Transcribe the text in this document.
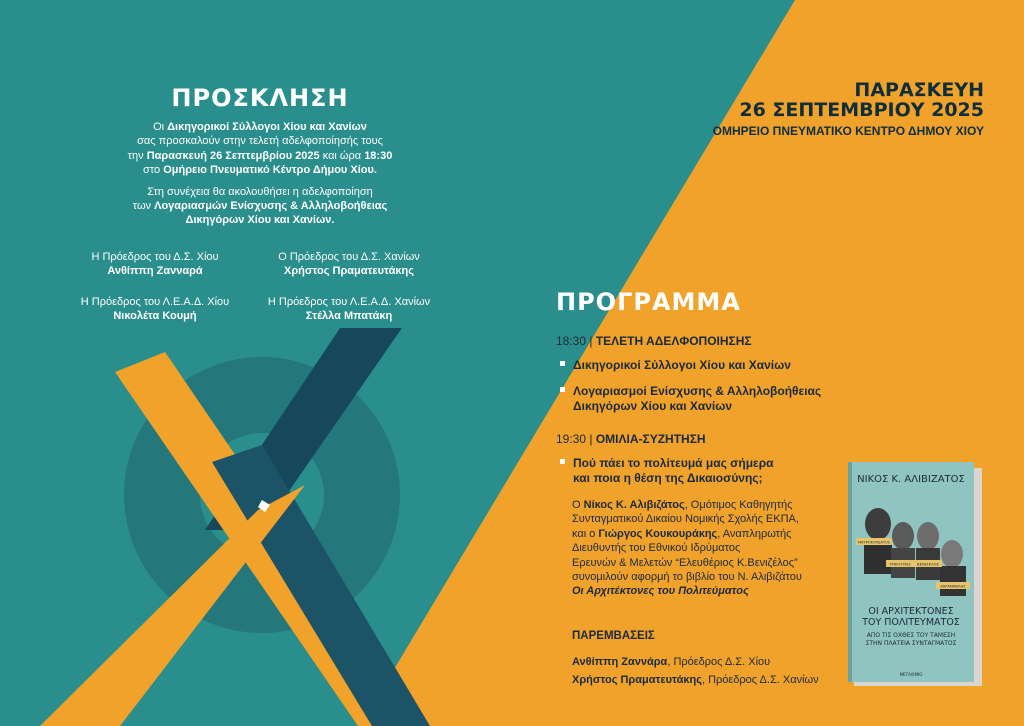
ΠΡΟΣΚΛΗΣΗ

Οι Δικηγορικοί Σύλλογοι Χίου και Χανίων
σας προσκαλούν στην τελετή αδελφοποίησής τους
την Παρασκευή 26 Σεπτεμβρίου 2025 και ώρα 18:30
στο Ομήρειο Πνευματικό Κέντρο Δήμου Χίου.

Στη συνέχεια θα ακολουθήσει η αδελφοποίηση
των Λογαριασμών Ενίσχυσης & Αλληλοβοήθειας
Δικηγόρων Χίου και Χανίων.

Η Πρόεδρος του Δ.Σ. Χίου
Ανθίππη Ζανναρά
Ο Πρόεδρος του Δ.Σ. Χανίων
Χρήστος Πραματευτάκης
Η Πρόεδρος του Λ.Ε.Α.Δ. Χίου
Νικολέτα Κουμή
Η Πρόεδρος του Λ.Ε.Α.Δ. Χανίων
Στέλλα Μπατάκη
ΠΑΡΑΣΚΕΥΗ
26 ΣΕΠΤΕΜΒΡΙΟΥ 2025
ΟΜΗΡΕΙΟ ΠΝΕΥΜΑΤΙΚΟ ΚΕΝΤΡΟ ΔΗΜΟΥ ΧΙΟΥ
ΠΡΟΓΡΑΜΜΑ
18:30 | ΤΕΛΕΤΗ ΑΔΕΛΦΟΠΟΙΗΣΗΣ
Δικηγορικοί Σύλλογοι Χίου και Χανίων
Λογαριασμοί Ενίσχυσης & Αλληλοβοήθειας
Δικηγόρων Χίου και Χανίων
19:30 | ΟΜΙΛΙΑ-ΣΥΖΗΤΗΣΗ
Πού πάει το πολίτευμά μας σήμερα
και ποια η θέση της Δικαιοσύνης;
Ο Νίκος Κ. Αλιβιζάτος, Ομότιμος Καθηγητής
Συνταγματικού Δικαίου Νομικής Σχολής ΕΚΠΑ,
και ο Γιώργος Κουκουράκης, Αναπληρωτής
Διευθυντής του Εθνικού Ιδρύματος
Ερευνών & Μελετών “Ελευθέριος Κ.Βενιζέλος”
συνομιλούν αφορμή το βιβλίο του Ν. Αλιβιζάτου
Οι Αρχιτέκτονες του Πολιτεύματος
ΠΑΡΕΜΒΑΣΕΙΣ
Ανθίππη Ζαννάρα, Πρόεδρος Δ.Σ. Χίου
Χρήστος Πραματευτάκης, Πρόεδρος Δ.Σ. Χανίων
ΝΙΚΟΣ Κ. ΑΛΙΒΙΖΑΤΟΣ
ΜΑΥΡΟΚΟΡΔΑΤΟΣ
ΤΡΙΚΟΥΠΗΣ ΒΕΝΙΖΕΛΟΣ
ΚΑΡΑΜΑΝΛΗΣ
ΟΙ ΑΡΧΙΤΕΚΤΟΝΕΣ
ΤΟΥ ΠΟΛΙΤΕΥΜΑΤΟΣ
ΑΠΟ ΤΙΣ ΟΧΘΕΣ ΤΟΥ ΤΑΜΕΣΗ
ΣΤΗΝ ΠΛΑΤΕΙΑ ΣΥΝΤΑΓΜΑΤΟΣ
ΜΕΤΑΙΧΜΙΟ
